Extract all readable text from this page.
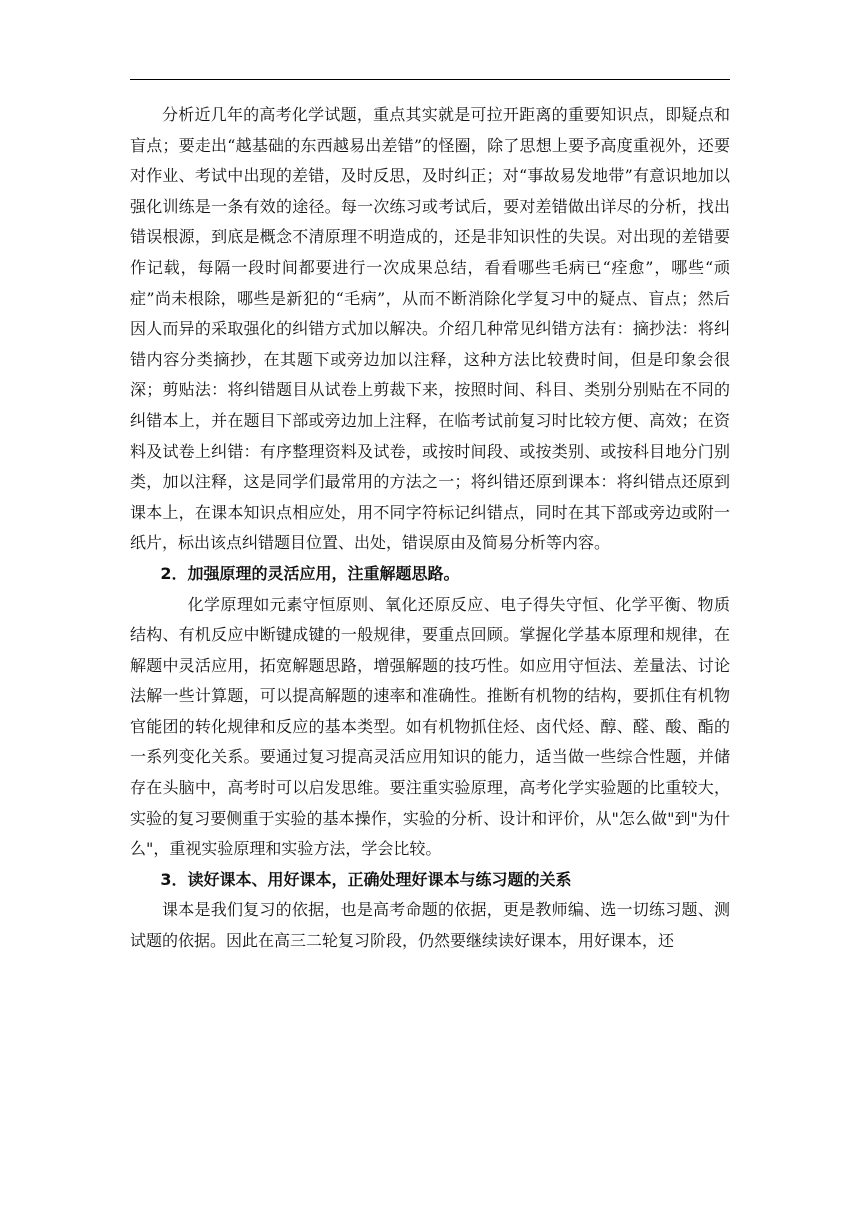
分析近几年的高考化学试题，重点其实就是可拉开距离的重要知识点，即疑点和盲点；要走出“越基础的东西越易出差错”的怪圈，除了思想上要予高度重视外，还要对作业、考试中出现的差错，及时反思，及时纠正；对“事故易发地带”有意识地加以强化训练是一条有效的途径。每一次练习或考试后，要对差错做出详尽的分析，找出错误根源，到底是概念不清原理不明造成的，还是非知识性的失误。对出现的差错要作记载，每隔一段时间都要进行一次成果总结，看看哪些毛病已“痊愈”，哪些“顽症”尚未根除，哪些是新犯的“毛病”，从而不断消除化学复习中的疑点、盲点；然后因人而异的采取强化的纠错方式加以解决。介绍几种常见纠错方法有：摘抄法：将纠错内容分类摘抄，在其题下或旁边加以注释，这种方法比较费时间，但是印象会很深；剪贴法：将纠错题目从试卷上剪裁下来，按照时间、科目、类别分别贴在不同的纠错本上，并在题目下部或旁边加上注释，在临考试前复习时比较方便、高效；在资料及试卷上纠错：有序整理资料及试卷，或按时间段、或按类别、或按科目地分门别类，加以注释，这是同学们最常用的方法之一；将纠错还原到课本：将纠错点还原到课本上，在课本知识点相应处，用不同字符标记纠错点，同时在其下部或旁边或附一纸片，标出该点纠错题目位置、出处，错误原由及简易分析等内容。

2．加强原理的灵活应用，注重解题思路。

化学原理如元素守恒原则、氧化还原反应、电子得失守恒、化学平衡、物质结构、有机反应中断键成键的一般规律，要重点回顾。掌握化学基本原理和规律，在解题中灵活应用，拓宽解题思路，增强解题的技巧性。如应用守恒法、差量法、讨论法解一些计算题，可以提高解题的速率和准确性。推断有机物的结构，要抓住有机物官能团的转化规律和反应的基本类型。如有机物抓住烃、卤代烃、醇、醛、酸、酯的一系列变化关系。要通过复习提高灵活应用知识的能力，适当做一些综合性题，并储存在头脑中，高考时可以启发思维。要注重实验原理，高考化学实验题的比重较大，实验的复习要侧重于实验的基本操作，实验的分析、设计和评价，从"怎么做"到"为什么"，重视实验原理和实验方法，学会比较。

3．读好课本、用好课本，正确处理好课本与练习题的关系

课本是我们复习的依据，也是高考命题的依据，更是教师编、选一切练习题、测试题的依据。因此在高三二轮复习阶段，仍然要继续读好课本，用好课本，还
